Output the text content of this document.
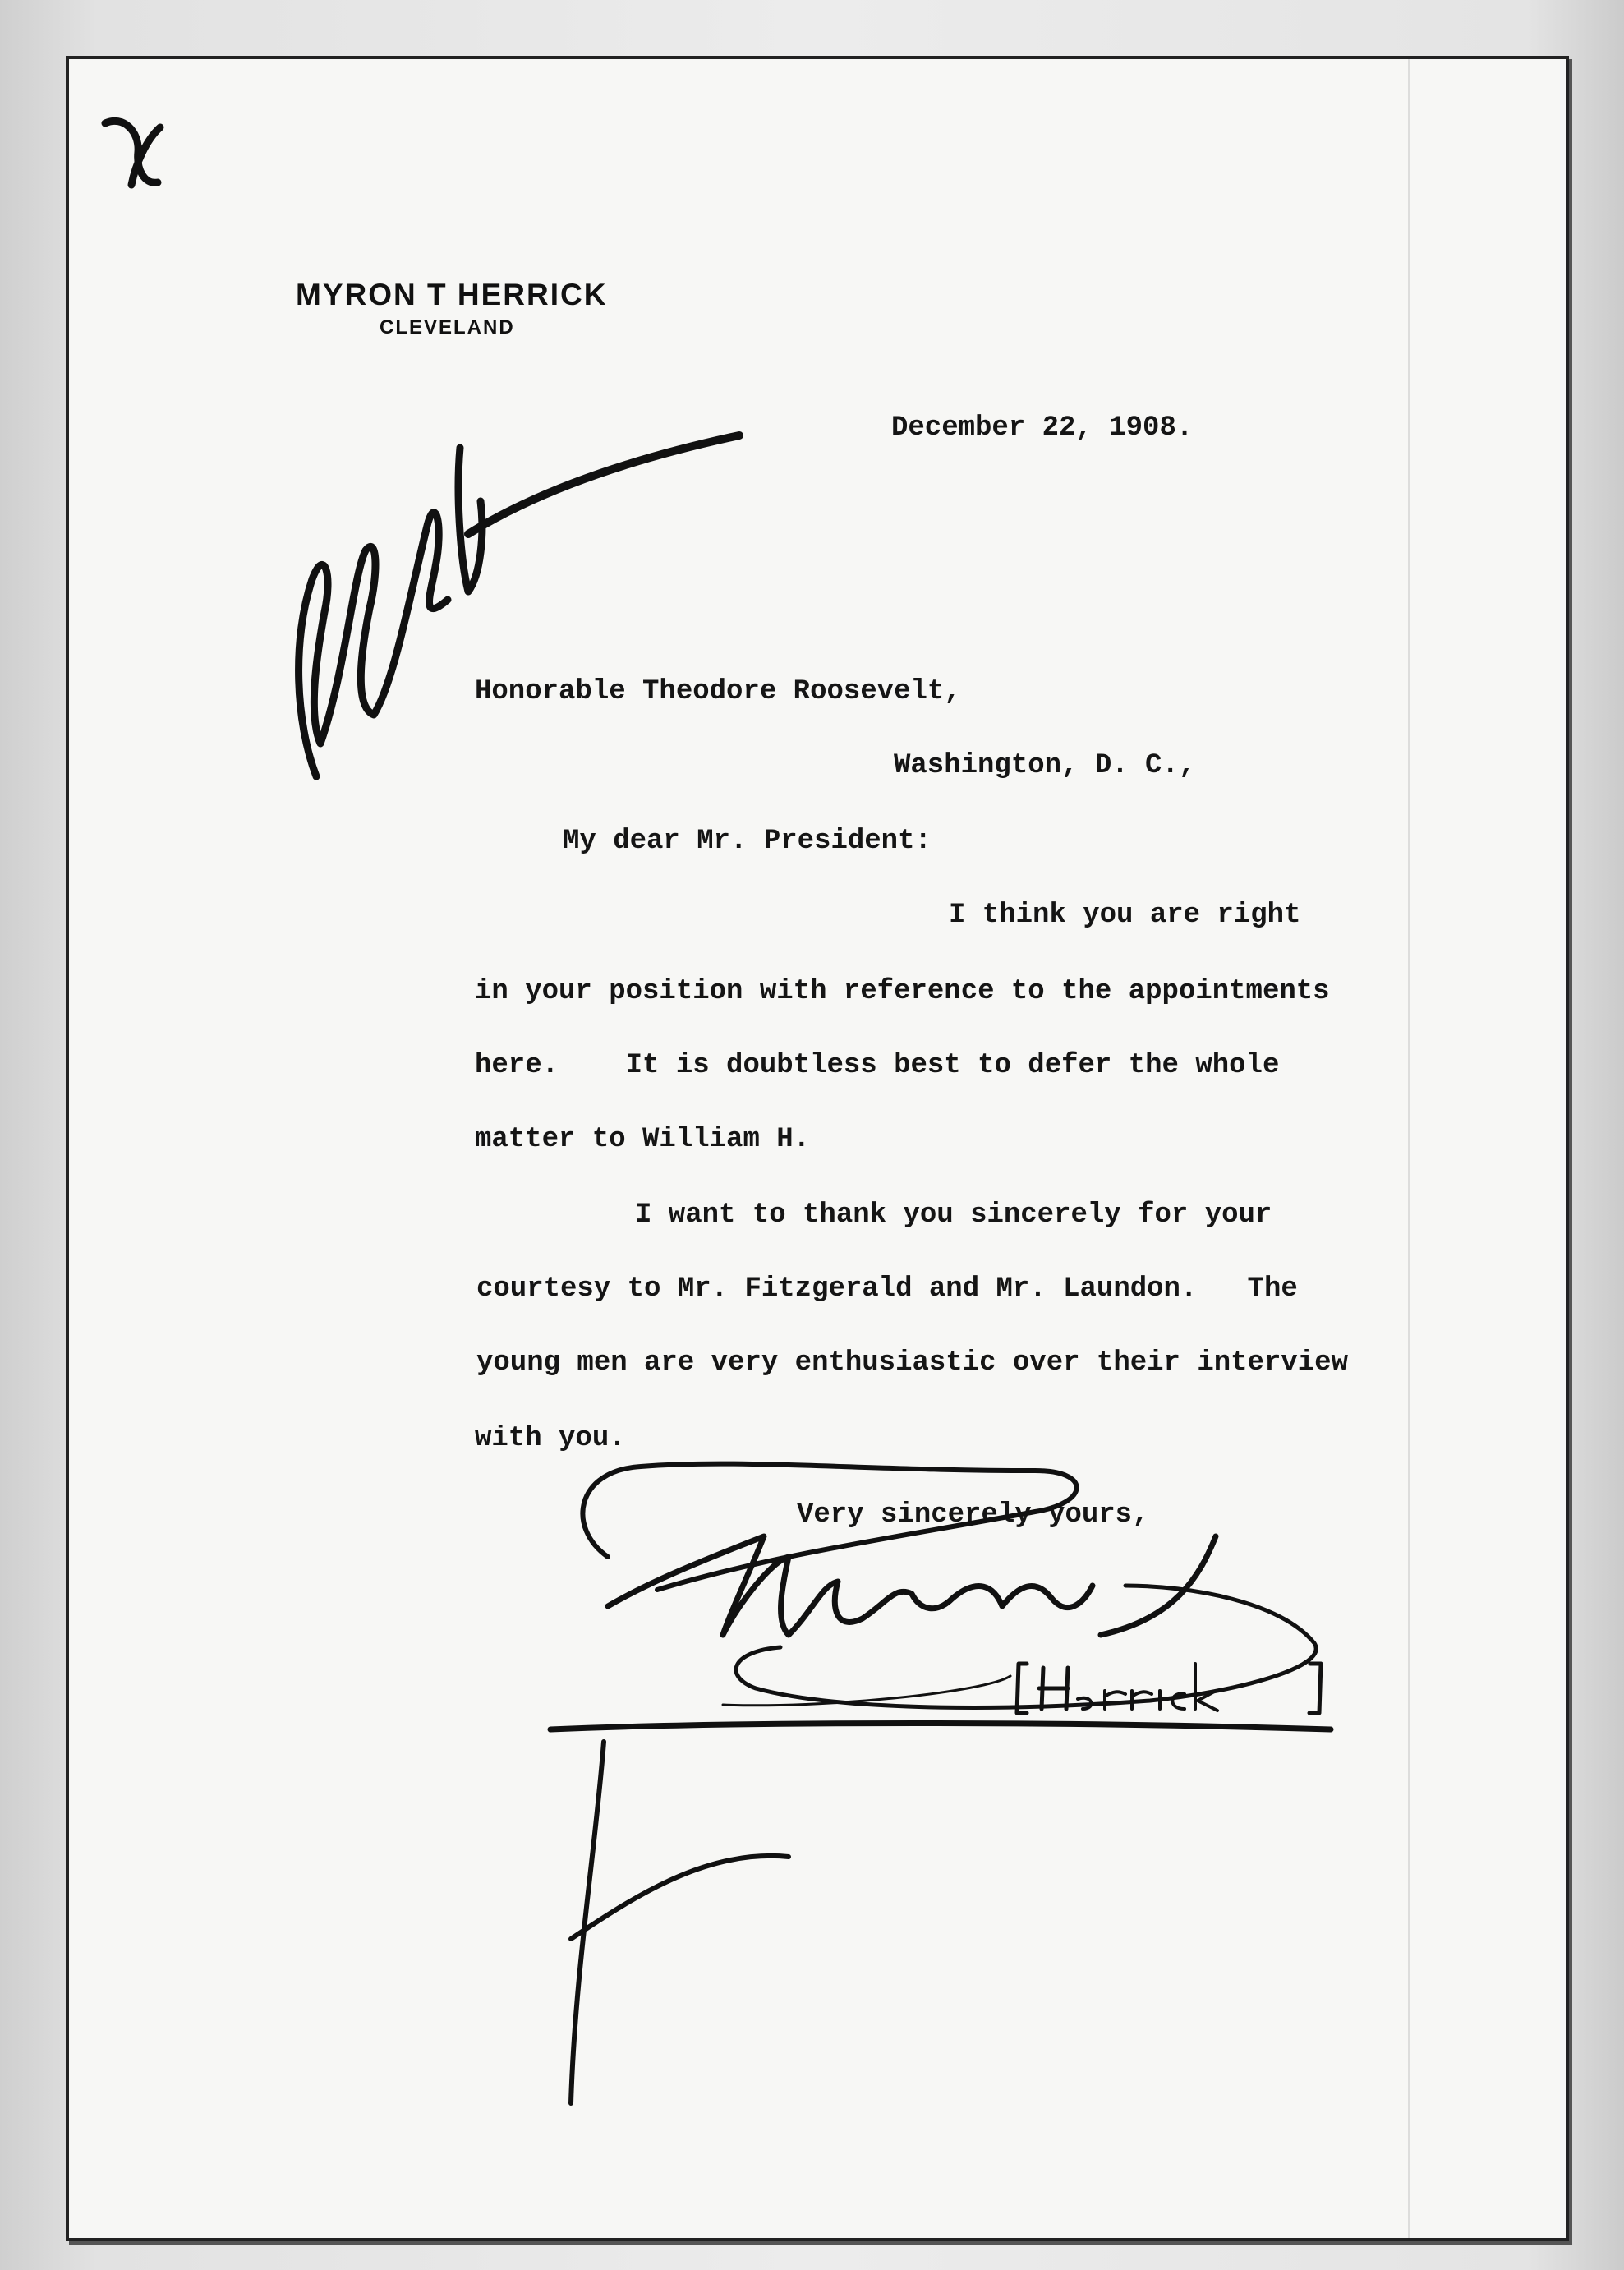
MYRON T HERRICK
CLEVELAND
December 22, 1908.
Honorable Theodore Roosevelt,
Washington, D. C.,
My dear Mr. President:
I think you are right
in your position with reference to the appointments
here.    It is doubtless best to defer the whole
matter to William H.
I want to thank you sincerely for your
courtesy to Mr. Fitzgerald and Mr. Laundon.   The
young men are very enthusiastic over their interview
with you.
Very sincerely yours,
